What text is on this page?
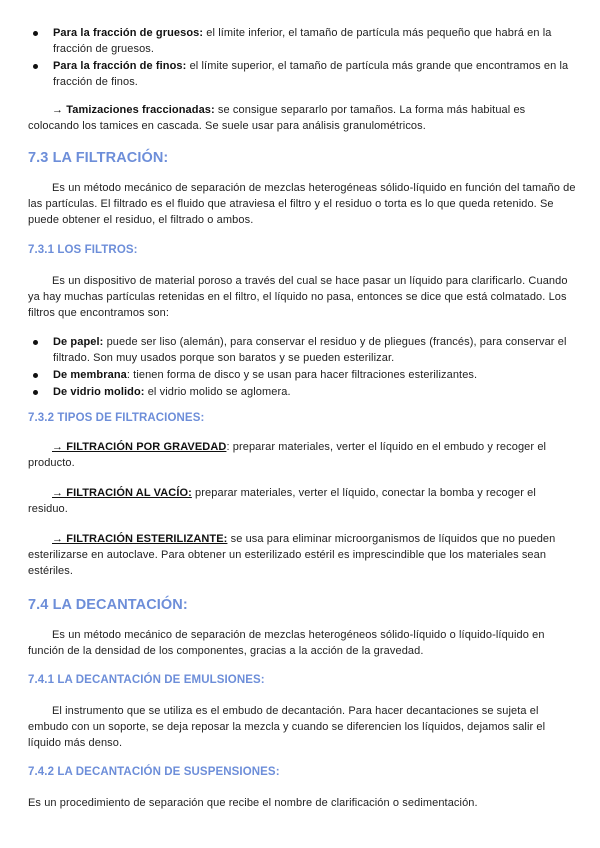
Para la fracción de gruesos: el límite inferior, el tamaño de partícula más pequeño que habrá en la fracción de gruesos.
Para la fracción de finos: el límite superior, el tamaño de partícula más grande que encontramos en la fracción de finos.

→ Tamizaciones fraccionadas: se consigue separarlo por tamaños. La forma más habitual es colocando los tamices en cascada. Se suele usar para análisis granulométricos.

7.3 LA FILTRACIÓN:

Es un método mecánico de separación de mezclas heterogéneas sólido-líquido en función del tamaño de las partículas. El filtrado es el fluido que atraviesa el filtro y el residuo o torta es lo que queda retenido. Se puede obtener el residuo, el filtrado o ambos.

7.3.1 LOS FILTROS:

Es un dispositivo de material poroso a través del cual se hace pasar un líquido para clarificarlo. Cuando ya hay muchas partículas retenidas en el filtro, el líquido no pasa, entonces se dice que está colmatado. Los filtros que encontramos son:

De papel: puede ser liso (alemán), para conservar el residuo y de pliegues (francés), para conservar el filtrado. Son muy usados porque son baratos y se pueden esterilizar.
De membrana: tienen forma de disco y se usan para hacer filtraciones esterilizantes.
De vidrio molido: el vidrio molido se aglomera.
7.3.2 TIPOS DE FILTRACIONES:

→ FILTRACIÓN POR GRAVEDAD: preparar materiales, verter el líquido en el embudo y recoger el producto.

→ FILTRACIÓN AL VACÍO: preparar materiales, verter el líquido, conectar la bomba y recoger el residuo.

→ FILTRACIÓN ESTERILIZANTE: se usa para eliminar microorganismos de líquidos que no pueden esterilizarse en autoclave. Para obtener un esterilizado estéril es imprescindible que los materiales sean estériles.

7.4 LA DECANTACIÓN:

Es un método mecánico de separación de mezclas heterogéneos sólido-líquido o líquido-líquido en función de la densidad de los componentes, gracias a la acción de la gravedad.

7.4.1 LA DECANTACIÓN DE EMULSIONES:

El instrumento que se utiliza es el embudo de decantación. Para hacer decantaciones se sujeta el embudo con un soporte, se deja reposar la mezcla y cuando se diferencien los líquidos, dejamos salir el líquido más denso.

7.4.2 LA DECANTACIÓN DE SUSPENSIONES:

Es un procedimiento de separación que recibe el nombre de clarificación o sedimentación.
